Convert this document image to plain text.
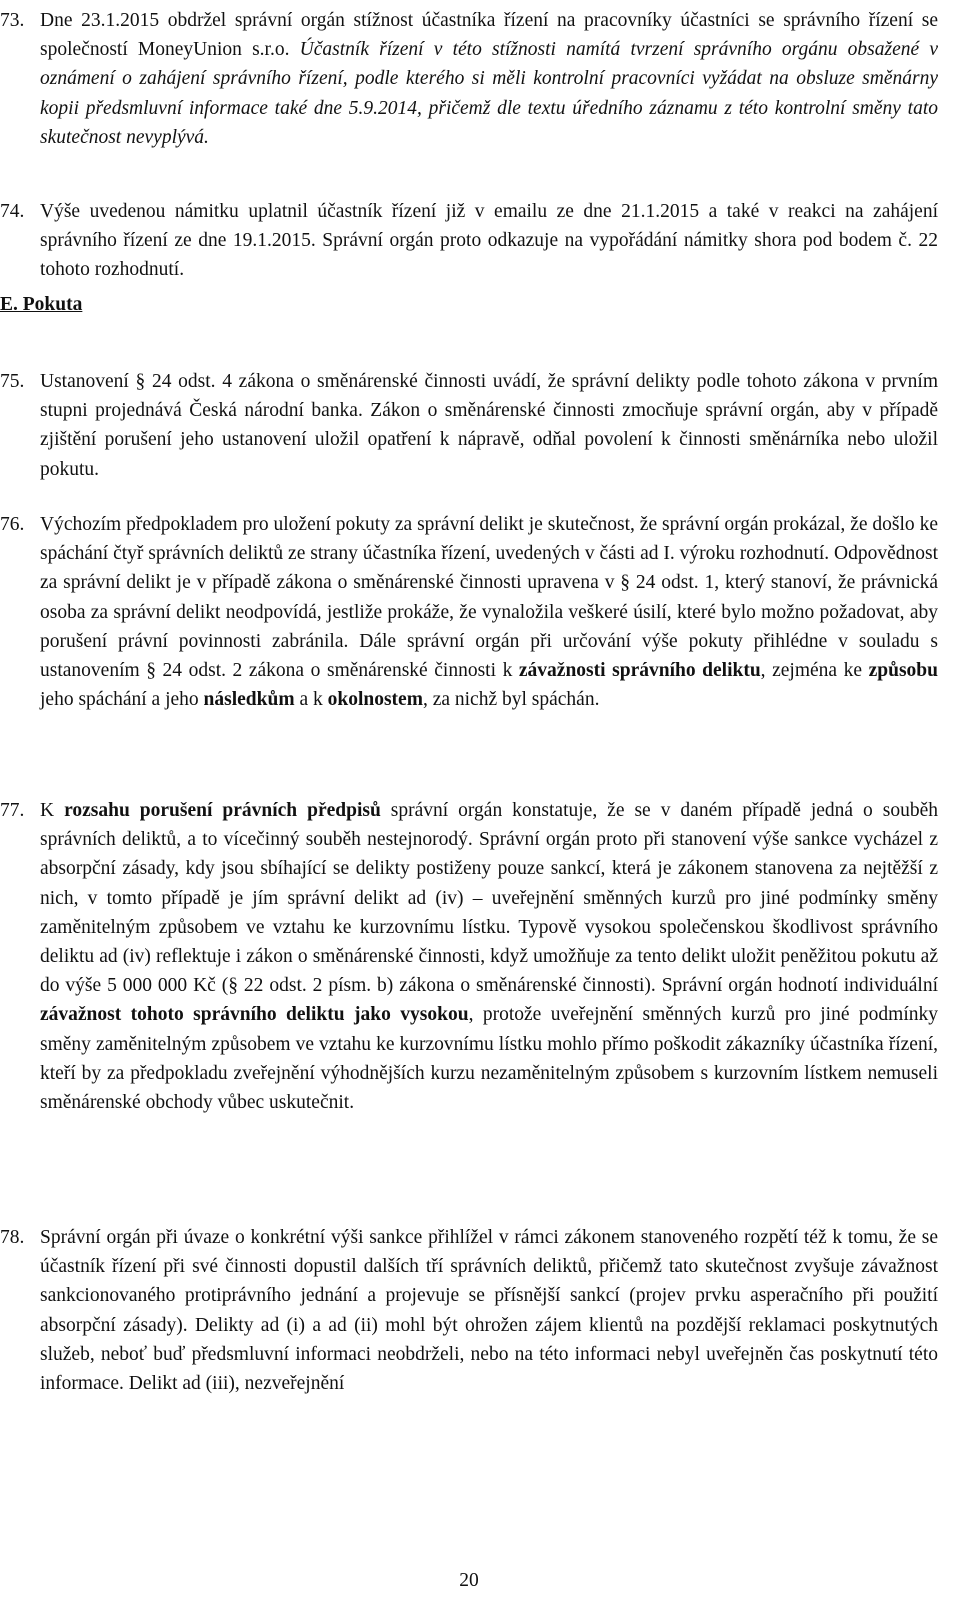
73. Dne 23.1.2015 obdržel správní orgán stížnost účastníka řízení na pracovníky účastníci se správního řízení se společností MoneyUnion s.r.o. Účastník řízení v této stížnosti namítá tvrzení správního orgánu obsažené v oznámení o zahájení správního řízení, podle kterého si měli kontrolní pracovníci vyžádat na obsluze směnárny kopii předsmluvní informace také dne 5.9.2014, přičemž dle textu úředního záznamu z této kontrolní směny tato skutečnost nevyplývá.
74. Výše uvedenou námitku uplatnil účastník řízení již v emailu ze dne 21.1.2015 a také v reakci na zahájení správního řízení ze dne 19.1.2015. Správní orgán proto odkazuje na vypořádání námitky shora pod bodem č. 22 tohoto rozhodnutí.
E. Pokuta
75. Ustanovení § 24 odst. 4 zákona o směnárenské činnosti uvádí, že správní delikty podle tohoto zákona v prvním stupni projednává Česká národní banka. Zákon o směnárenské činnosti zmocňuje správní orgán, aby v případě zjištění porušení jeho ustanovení uložil opatření k nápravě, odňal povolení k činnosti směnárníka nebo uložil pokutu.
76. Výchozím předpokladem pro uložení pokuty za správní delikt je skutečnost, že správní orgán prokázal, že došlo ke spáchání čtyř správních deliktů ze strany účastníka řízení, uvedených v části ad I. výroku rozhodnutí. Odpovědnost za správní delikt je v případě zákona o směnárenské činnosti upravena v § 24 odst. 1, který stanoví, že právnická osoba za správní delikt neodpovídá, jestliže prokáže, že vynaložila veškeré úsilí, které bylo možno požadovat, aby porušení právní povinnosti zabránila. Dále správní orgán při určování výše pokuty přihlédne v souladu s ustanovením § 24 odst. 2 zákona o směnárenské činnosti k závažnosti správního deliktu, zejména ke způsobu jeho spáchání a jeho následkům a k okolnostem, za nichž byl spáchán.
77. K rozsahu porušení právních předpisů správní orgán konstatuje, že se v daném případě jedná o souběh správních deliktů, a to vícečinný souběh nestejnorodý. Správní orgán proto při stanovení výše sankce vycházel z absorpční zásady, kdy jsou sbíhající se delikty postiženy pouze sankcí, která je zákonem stanovena za nejtěžší z nich, v tomto případě je jím správní delikt ad (iv) – uveřejnění směnných kurzů pro jiné podmínky směny zaměnitelným způsobem ve vztahu ke kurzovnímu lístku. Typově vysokou společenskou škodlivost správního deliktu ad (iv) reflektuje i zákon o směnárenské činnosti, když umožňuje za tento delikt uložit peněžitou pokutu až do výše 5 000 000 Kč (§ 22 odst. 2 písm. b) zákona o směnárenské činnosti). Správní orgán hodnotí individuální závažnost tohoto správního deliktu jako vysokou, protože uveřejnění směnných kurzů pro jiné podmínky směny zaměnitelným způsobem ve vztahu ke kurzovnímu lístku mohlo přímo poškodit zákazníky účastníka řízení, kteří by za předpokladu zveřejnění výhodnějších kurzu nezaměnitelným způsobem s kurzovním lístkem nemuseli směnárenské obchody vůbec uskutečnit.
78. Správní orgán při úvaze o konkrétní výši sankce přihlížel v rámci zákonem stanoveného rozpětí též k tomu, že se účastník řízení při své činnosti dopustil dalších tří správních deliktů, přičemž tato skutečnost zvyšuje závažnost sankcionovaného protiprávního jednání a projevuje se přísnější sankcí (projev prvku asperačního při použití absorpční zásady). Delikty ad (i) a ad (ii) mohl být ohrožen zájem klientů na pozdější reklamaci poskytnutých služeb, neboť buď předsmluvní informaci neobdrželi, nebo na této informaci nebyl uveřejněn čas poskytnutí této informace. Delikt ad (iii), nezveřejnění
20
